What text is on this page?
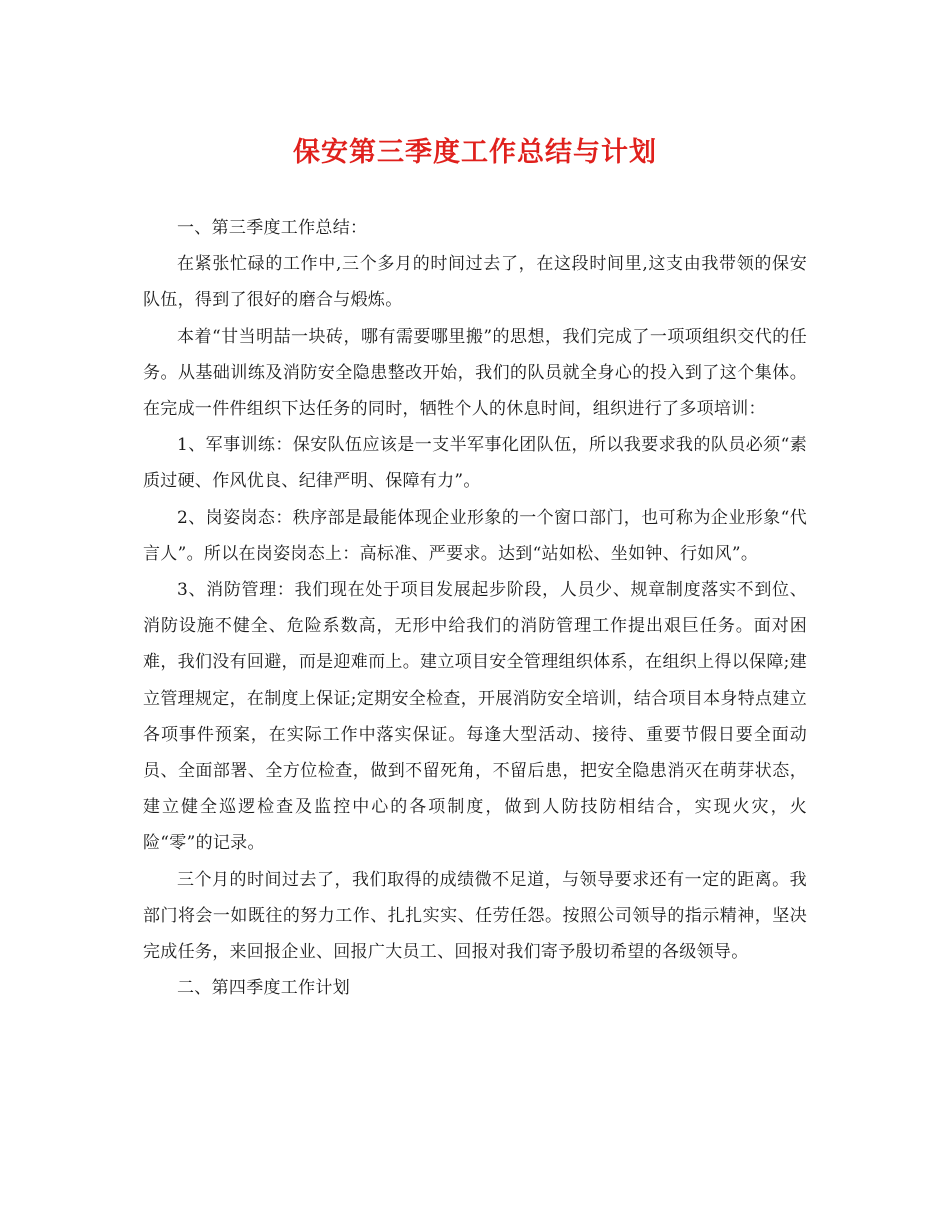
保安第三季度工作总结与计划

一、第三季度工作总结：

在紧张忙碌的工作中,三个多月的时间过去了，在这段时间里,这支由我带领的保安队伍，得到了很好的磨合与煅炼。

本着“甘当明喆一块砖，哪有需要哪里搬”的思想，我们完成了一项项组织交代的任务。从基础训练及消防安全隐患整改开始，我们的队员就全身心的投入到了这个集体。在完成一件件组织下达任务的同时，牺牲个人的休息时间，组织进行了多项培训：

1、军事训练：保安队伍应该是一支半军事化团队伍，所以我要求我的队员必须“素质过硬、作风优良、纪律严明、保障有力”。

2、岗姿岗态：秩序部是最能体现企业形象的一个窗口部门，也可称为企业形象“代言人”。所以在岗姿岗态上：高标准、严要求。达到“站如松、坐如钟、行如风”。

3、消防管理：我们现在处于项目发展起步阶段，人员少、规章制度落实不到位、消防设施不健全、危险系数高，无形中给我们的消防管理工作提出艰巨任务。面对困难，我们没有回避，而是迎难而上。建立项目安全管理组织体系，在组织上得以保障;建立管理规定，在制度上保证;定期安全检查，开展消防安全培训，结合项目本身特点建立各项事件预案，在实际工作中落实保证。每逢大型活动、接待、重要节假日要全面动员、全面部署、全方位检查，做到不留死角，不留后患，把安全隐患消灭在萌芽状态，建立健全巡逻检查及监控中心的各项制度，做到人防技防相结合，实现火灾，火险“零”的记录。

三个月的时间过去了，我们取得的成绩微不足道，与领导要求还有一定的距离。我部门将会一如既往的努力工作、扎扎实实、任劳任怨。按照公司领导的指示精神，坚决完成任务，来回报企业、回报广大员工、回报对我们寄予殷切希望的各级领导。

二、第四季度工作计划
